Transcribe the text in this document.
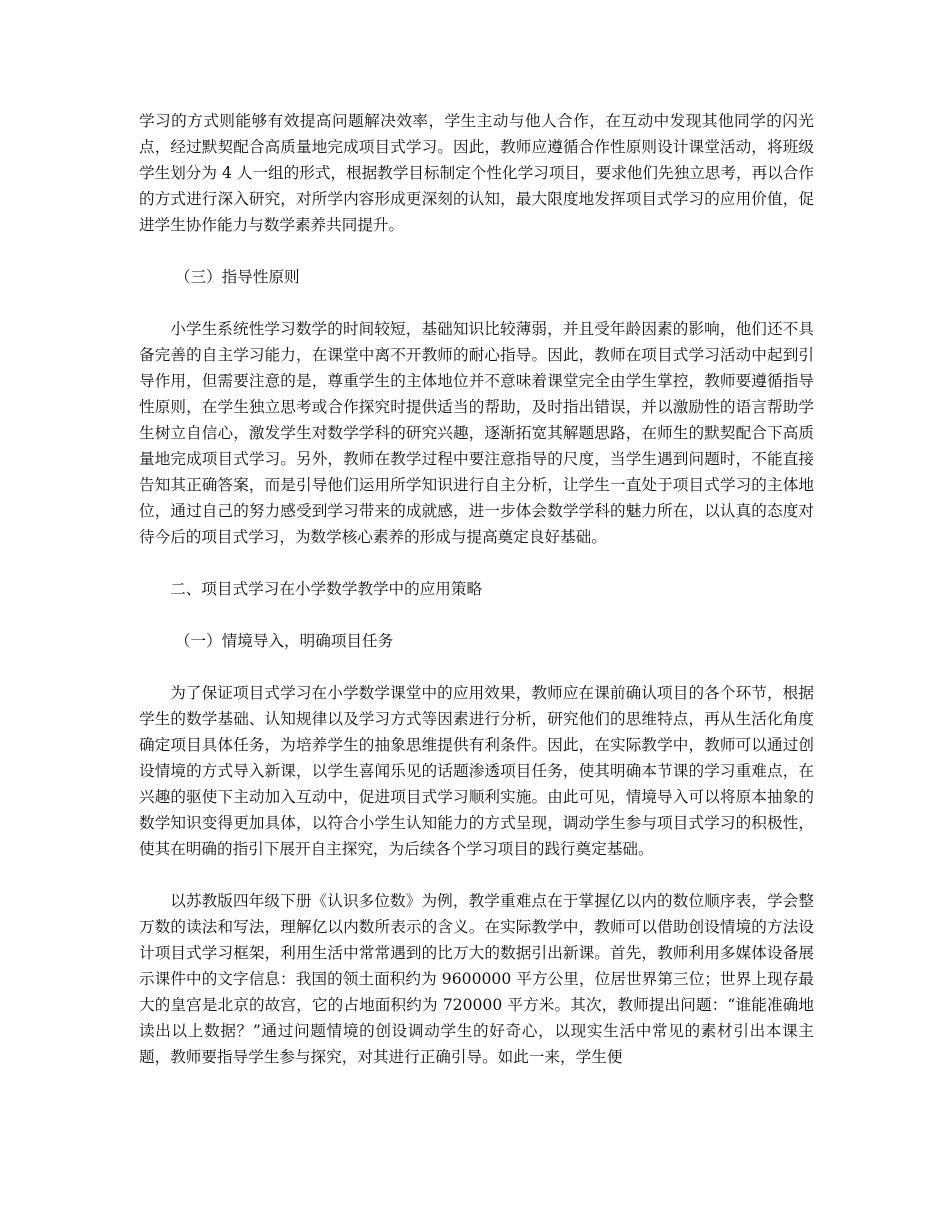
学习的方式则能够有效提高问题解决效率，学生主动与他人合作，在互动中发现其他同学的闪光点，经过默契配合高质量地完成项目式学习。因此，教师应遵循合作性原则设计课堂活动，将班级学生划分为 4 人一组的形式，根据教学目标制定个性化学习项目，要求他们先独立思考，再以合作的方式进行深入研究，对所学内容形成更深刻的认知，最大限度地发挥项目式学习的应用价值，促进学生协作能力与数学素养共同提升。

（三）指导性原则

小学生系统性学习数学的时间较短，基础知识比较薄弱，并且受年龄因素的影响，他们还不具备完善的自主学习能力，在课堂中离不开教师的耐心指导。因此，教师在项目式学习活动中起到引导作用，但需要注意的是，尊重学生的主体地位并不意味着课堂完全由学生掌控，教师要遵循指导性原则，在学生独立思考或合作探究时提供适当的帮助，及时指出错误，并以激励性的语言帮助学生树立自信心，激发学生对数学学科的研究兴趣，逐渐拓宽其解题思路，在师生的默契配合下高质量地完成项目式学习。另外，教师在教学过程中要注意指导的尺度，当学生遇到问题时，不能直接告知其正确答案，而是引导他们运用所学知识进行自主分析，让学生一直处于项目式学习的主体地位，通过自己的努力感受到学习带来的成就感，进一步体会数学学科的魅力所在，以认真的态度对待今后的项目式学习，为数学核心素养的形成与提高奠定良好基础。

二、项目式学习在小学数学教学中的应用策略

（一）情境导入，明确项目任务

为了保证项目式学习在小学数学课堂中的应用效果，教师应在课前确认项目的各个环节，根据学生的数学基础、认知规律以及学习方式等因素进行分析，研究他们的思维特点，再从生活化角度确定项目具体任务，为培养学生的抽象思维提供有利条件。因此，在实际教学中，教师可以通过创设情境的方式导入新课，以学生喜闻乐见的话题渗透项目任务，使其明确本节课的学习重难点，在兴趣的驱使下主动加入互动中，促进项目式学习顺利实施。由此可见，情境导入可以将原本抽象的数学知识变得更加具体，以符合小学生认知能力的方式呈现，调动学生参与项目式学习的积极性，使其在明确的指引下展开自主探究，为后续各个学习项目的践行奠定基础。

以苏教版四年级下册《认识多位数》为例，教学重难点在于掌握亿以内的数位顺序表，学会整万数的读法和写法，理解亿以内数所表示的含义。在实际教学中，教师可以借助创设情境的方法设计项目式学习框架，利用生活中常常遇到的比万大的数据引出新课。首先，教师利用多媒体设备展示课件中的文字信息：我国的领土面积约为 9600000 平方公里，位居世界第三位；世界上现存最大的皇宫是北京的故宫，它的占地面积约为 720000 平方米。其次，教师提出问题：“谁能准确地读出以上数据？”通过问题情境的创设调动学生的好奇心，以现实生活中常见的素材引出本课主题，教师要指导学生参与探究，对其进行正确引导。如此一来，学生便
